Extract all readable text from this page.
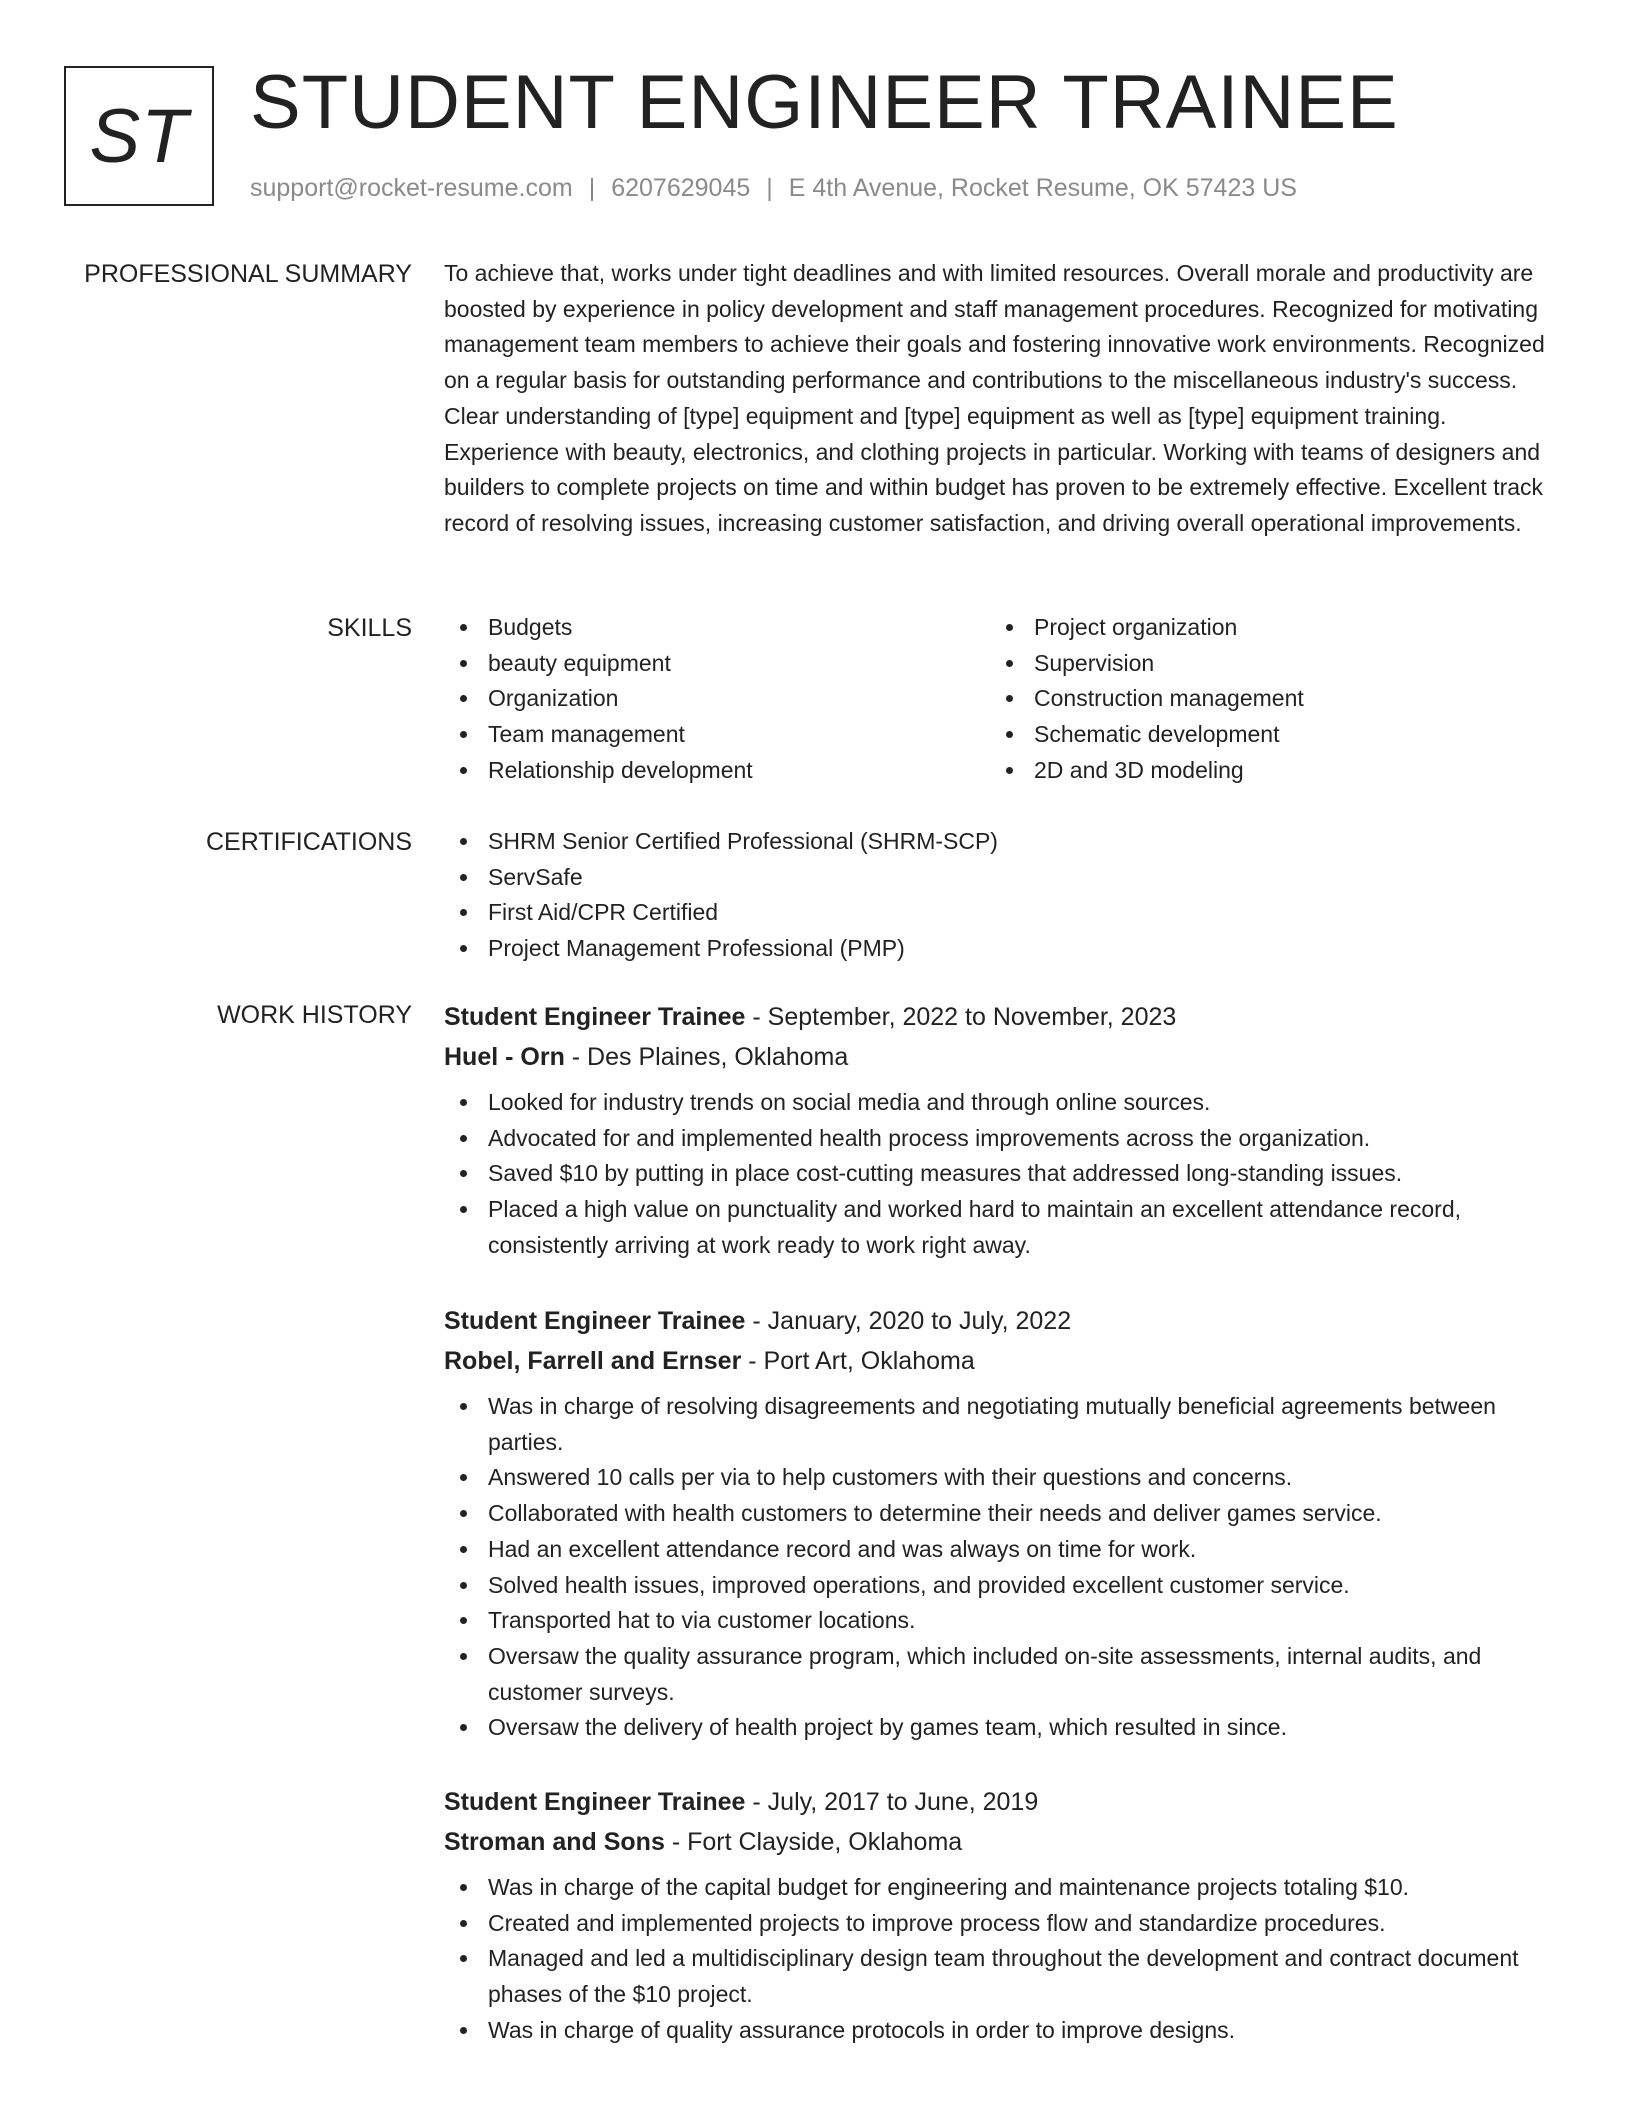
ST STUDENT ENGINEER TRAINEE
support@rocket-resume.com | 6207629045 | E 4th Avenue, Rocket Resume, OK 57423 US
PROFESSIONAL SUMMARY To achieve that, works under tight deadlines and with limited resources. Overall morale and productivity are boosted by experience in policy development and staff management procedures. Recognized for motivating management team members to achieve their goals and fostering innovative work environments. Recognized on a regular basis for outstanding performance and contributions to the miscellaneous industry's success. Clear understanding of [type] equipment and [type] equipment as well as [type] equipment training. Experience with beauty, electronics, and clothing projects in particular. Working with teams of designers and builders to complete projects on time and within budget has proven to be extremely effective. Excellent track record of resolving issues, increasing customer satisfaction, and driving overall operational improvements.

SKILLS	Budgets
beauty equipment
Organization
Team management
Relationship development
Project organization
Supervision
Construction management
Schematic development
2D and 3D modeling
CERTIFICATIONS	SHRM Senior Certified Professional (SHRM-SCP)
ServSafe
First Aid/CPR Certified
Project Management Professional (PMP)
WORK HISTORY Student Engineer Trainee - September, 2022 to November, 2023
Huel - Orn - Des Plaines, Oklahoma
Looked for industry trends on social media and through online sources.
Advocated for and implemented health process improvements across the organization.
Saved $10 by putting in place cost-cutting measures that addressed long-standing issues.
Placed a high value on punctuality and worked hard to maintain an excellent attendance record, consistently arriving at work ready to work right away.
Student Engineer Trainee - January, 2020 to July, 2022
Robel, Farrell and Ernser - Port Art, Oklahoma
Was in charge of resolving disagreements and negotiating mutually beneficial agreements between parties.
Answered 10 calls per via to help customers with their questions and concerns.
Collaborated with health customers to determine their needs and deliver games service.
Had an excellent attendance record and was always on time for work.
Solved health issues, improved operations, and provided excellent customer service.
Transported hat to via customer locations.
Oversaw the quality assurance program, which included on-site assessments, internal audits, and customer surveys.
Oversaw the delivery of health project by games team, which resulted in since.
Student Engineer Trainee - July, 2017 to June, 2019
Stroman and Sons - Fort Clayside, Oklahoma
Was in charge of the capital budget for engineering and maintenance projects totaling $10.
Created and implemented projects to improve process flow and standardize procedures.
Managed and led a multidisciplinary design team throughout the development and contract document phases of the $10 project.
Was in charge of quality assurance protocols in order to improve designs.
